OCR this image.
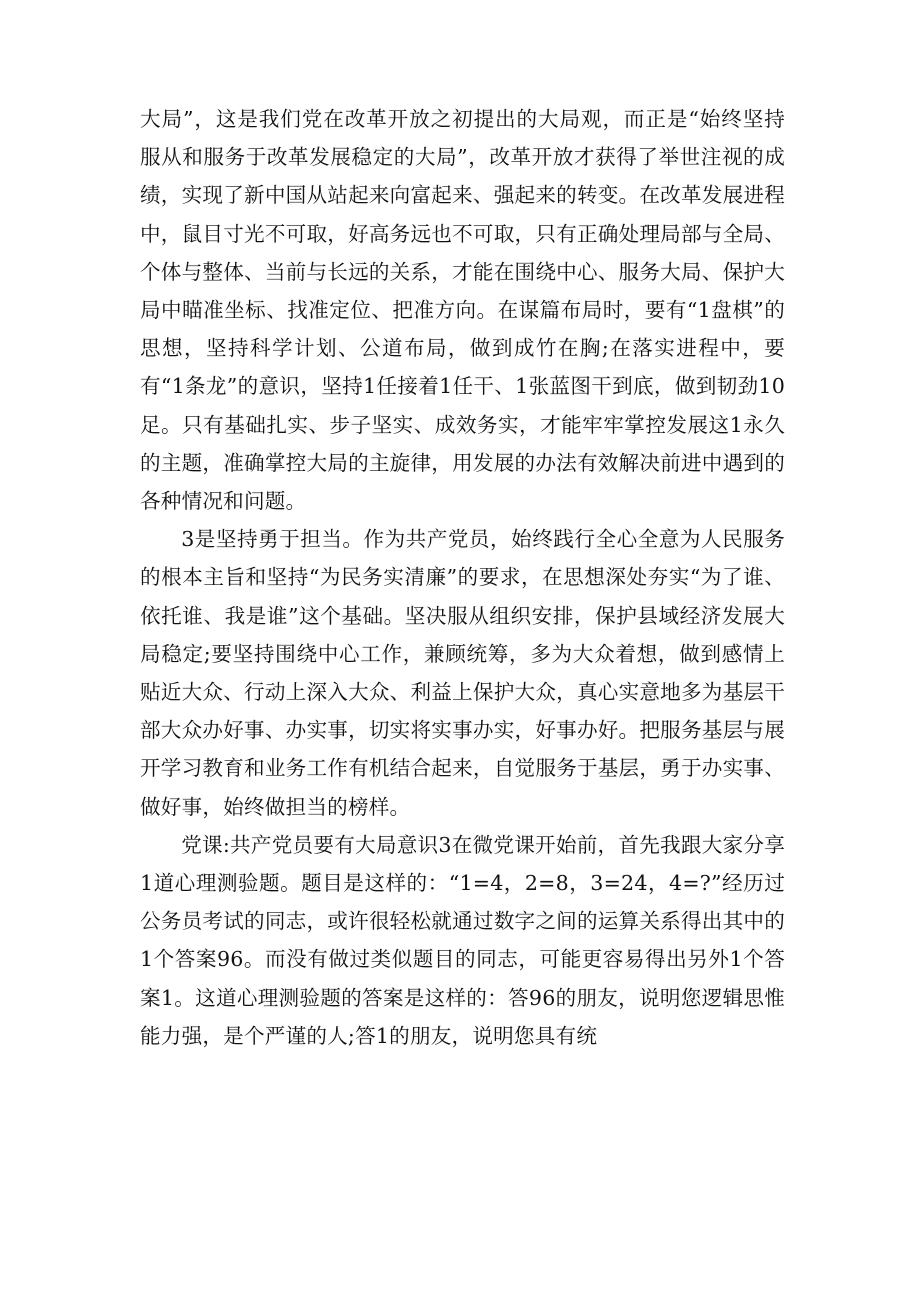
大局”，这是我们党在改革开放之初提出的大局观，而正是“始终坚持服从和服务于改革发展稳定的大局”，改革开放才获得了举世注视的成绩，实现了新中国从站起来向富起来、强起来的转变。在改革发展进程中，鼠目寸光不可取，好高务远也不可取，只有正确处理局部与全局、个体与整体、当前与长远的关系，才能在围绕中心、服务大局、保护大局中瞄准坐标、找准定位、把准方向。在谋篇布局时，要有“1盘棋”的思想，坚持科学计划、公道布局，做到成竹在胸;在落实进程中，要有“1条龙”的意识，坚持1任接着1任干、1张蓝图干到底，做到韧劲10足。只有基础扎实、步子坚实、成效务实，才能牢牢掌控发展这1永久的主题，准确掌控大局的主旋律，用发展的办法有效解决前进中遇到的各种情况和问题。

3是坚持勇于担当。作为共产党员，始终践行全心全意为人民服务的根本主旨和坚持“为民务实清廉”的要求，在思想深处夯实“为了谁、依托谁、我是谁”这个基础。坚决服从组织安排，保护县域经济发展大局稳定;要坚持围绕中心工作，兼顾统筹，多为大众着想，做到感情上贴近大众、行动上深入大众、利益上保护大众，真心实意地多为基层干部大众办好事、办实事，切实将实事办实，好事办好。把服务基层与展开学习教育和业务工作有机结合起来，自觉服务于基层，勇于办实事、做好事，始终做担当的榜样。

党课:共产党员要有大局意识3在微党课开始前，首先我跟大家分享1道心理测验题。题目是这样的：“1=4，2=8，3=24，4=?”经历过公务员考试的同志，或许很轻松就通过数字之间的运算关系得出其中的1个答案96。而没有做过类似题目的同志，可能更容易得出另外1个答案1。这道心理测验题的答案是这样的：答96的朋友，说明您逻辑思惟能力强，是个严谨的人;答1的朋友，说明您具有统
